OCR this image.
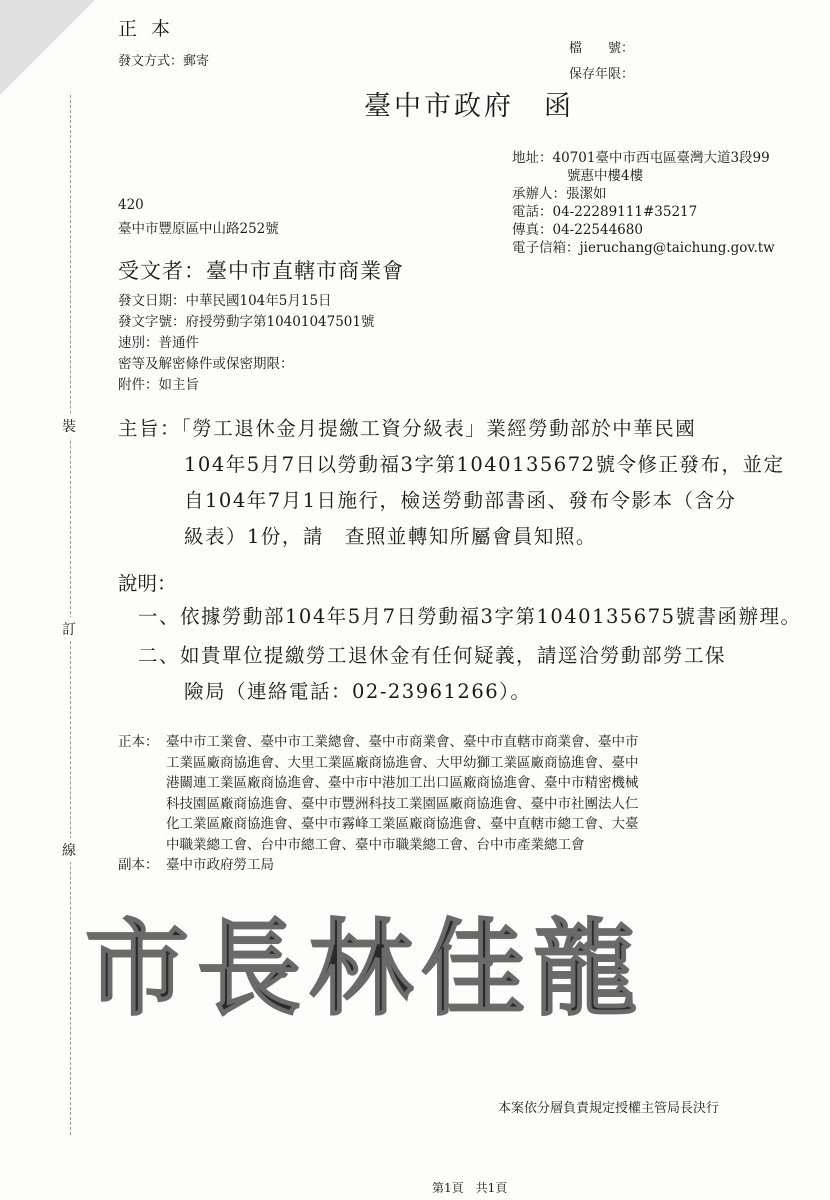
裝
訂
線
正本
發文方式：郵寄
檔　　號：
保存年限：
臺中市政府　函
地址：40701臺中市西屯區臺灣大道3段99
號惠中樓4樓
承辦人：張潔如
電話：04-22289111#35217
傳真：04-22544680
電子信箱：jieruchang@taichung.gov.tw
420
臺中市豐原區中山路252號
受文者：臺中市直轄市商業會
發文日期：中華民國104年5月15日
發文字號：府授勞動字第10401047501號
速別：普通件
密等及解密條件或保密期限：
附件：如主旨
主旨：「勞工退休金月提繳工資分級表」業經勞動部於中華民國
104年5月7日以勞動福3字第1040135672號令修正發布，並定
自104年7月1日施行，檢送勞動部書函、發布令影本（含分
級表）1份，請　查照並轉知所屬會員知照。
說明：
一、依據勞動部104年5月7日勞動福3字第1040135675號書函辦理。
二、如貴單位提繳勞工退休金有任何疑義，請逕洽勞動部勞工保
險局（連絡電話：02-23961266）。
正本： 臺中市工業會、臺中市工業總會、臺中市商業會、臺中市直轄市商業會、臺中市
工業區廠商協進會、大里工業區廠商協進會、大甲幼獅工業區廠商協進會、臺中
港關連工業區廠商協進會、臺中市中港加工出口區廠商協進會、臺中市精密機械
科技園區廠商協進會、臺中市豐洲科技工業園區廠商協進會、臺中市社團法人仁
化工業區廠商協進會、臺中市霧峰工業區廠商協進會、臺中直轄市總工會、大臺
中職業總工會、台中市總工會、臺中市職業總工會、台中市產業總工會
副本： 臺中市政府勞工局
市長林佳龍
本案依分層負責規定授權主管局長決行
第1頁　共1頁
